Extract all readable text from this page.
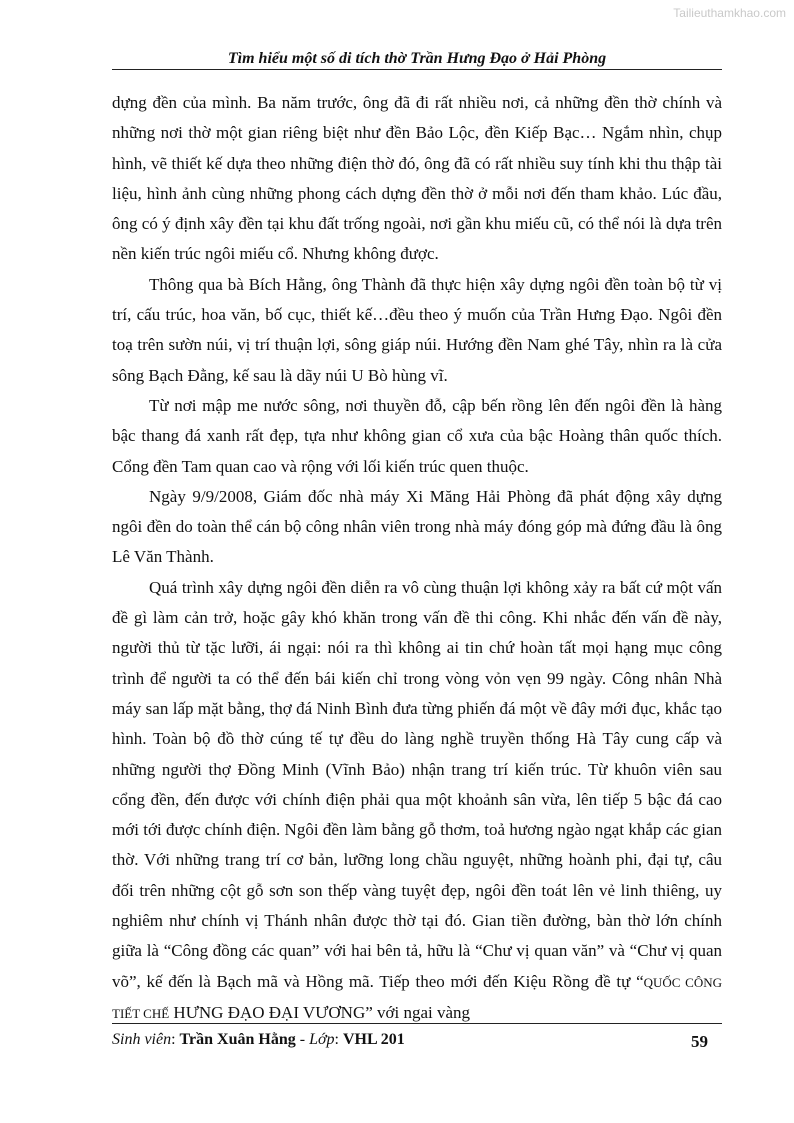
Tailieuthamkhao.com
Tìm hiểu một số di tích thờ Trần Hưng Đạo ở Hải Phòng

dựng đền của mình. Ba năm trước, ông đã đi rất nhiều nơi, cả những đền thờ chính và những nơi thờ một gian riêng biệt như đền Bảo Lộc, đền Kiếp Bạc… Ngắm nhìn, chụp hình, vẽ thiết kế dựa theo những điện thờ đó, ông đã có rất nhiều suy tính khi thu thập tài liệu, hình ảnh cùng những phong cách dựng đền thờ ở mỗi nơi đến tham khảo. Lúc đầu, ông có ý định xây đền tại khu đất trống ngoài, nơi gần khu miếu cũ, có thể nói là dựa trên nền kiến trúc ngôi miếu cổ. Nhưng không được.

Thông qua bà Bích Hằng, ông Thành đã thực hiện xây dựng ngôi đền toàn bộ từ vị trí, cấu trúc, hoa văn, bố cục, thiết kế…đều theo ý muốn của Trần Hưng Đạo. Ngôi đền toạ trên sườn núi, vị trí thuận lợi, sông giáp núi. Hướng đền Nam ghé Tây, nhìn ra là cửa sông Bạch Đằng, kế sau là dãy núi U Bò hùng vĩ.

Từ nơi mập me nước sông, nơi thuyền đỗ, cập bến rồng lên đến ngôi đền là hàng bậc thang đá xanh rất đẹp, tựa như không gian cổ xưa của bậc Hoàng thân quốc thích. Cổng đền Tam quan cao và rộng với lối kiến trúc quen thuộc.

Ngày 9/9/2008, Giám đốc nhà máy Xi Măng Hải Phòng đã phát động xây dựng ngôi đền do toàn thể cán bộ công nhân viên trong nhà máy đóng góp mà đứng đầu là ông Lê Văn Thành.

Quá trình xây dựng ngôi đền diễn ra vô cùng thuận lợi không xảy ra bất cứ một vấn đề gì làm cản trở, hoặc gây khó khăn trong vấn đề thi công. Khi nhắc đến vấn đề này, người thủ từ tặc lưỡi, ái ngại: nói ra thì không ai tin chứ hoàn tất mọi hạng mục công trình để người ta có thể đến bái kiến chỉ trong vòng vỏn vẹn 99 ngày. Công nhân Nhà máy san lấp mặt bằng, thợ đá Ninh Bình đưa từng phiến đá một về đây mới đục, khắc tạo hình. Toàn bộ đồ thờ cúng tế tự đều do làng nghề truyền thống Hà Tây cung cấp và những người thợ Đồng Minh (Vĩnh Bảo) nhận trang trí kiến trúc. Từ khuôn viên sau cổng đền, đến được với chính điện phải qua một khoảnh sân vừa, lên tiếp 5 bậc đá cao mới tới được chính điện. Ngôi đền làm bằng gỗ thơm, toả hương ngào ngạt khắp các gian thờ. Với những trang trí cơ bản, lưỡng long chầu nguyệt, những hoành phi, đại tự, câu đối trên những cột gỗ sơn son thếp vàng tuyệt đẹp, ngôi đền toát lên vẻ linh thiêng, uy nghiêm như chính vị Thánh nhân được thờ tại đó. Gian tiền đường, bàn thờ lớn chính giữa là “Công đồng các quan” với hai bên tả, hữu là “Chư vị quan văn” và “Chư vị quan võ”, kế đến là Bạch mã và Hồng mã. Tiếp theo mới đến Kiệu Rồng đề tự “QUỐC CÔNG TIẾT CHẾ HƯNG ĐẠO ĐẠI VƯƠNG” với ngai vàng

Sinh viên: Trần Xuân Hằng - Lớp: VHL 201	59
